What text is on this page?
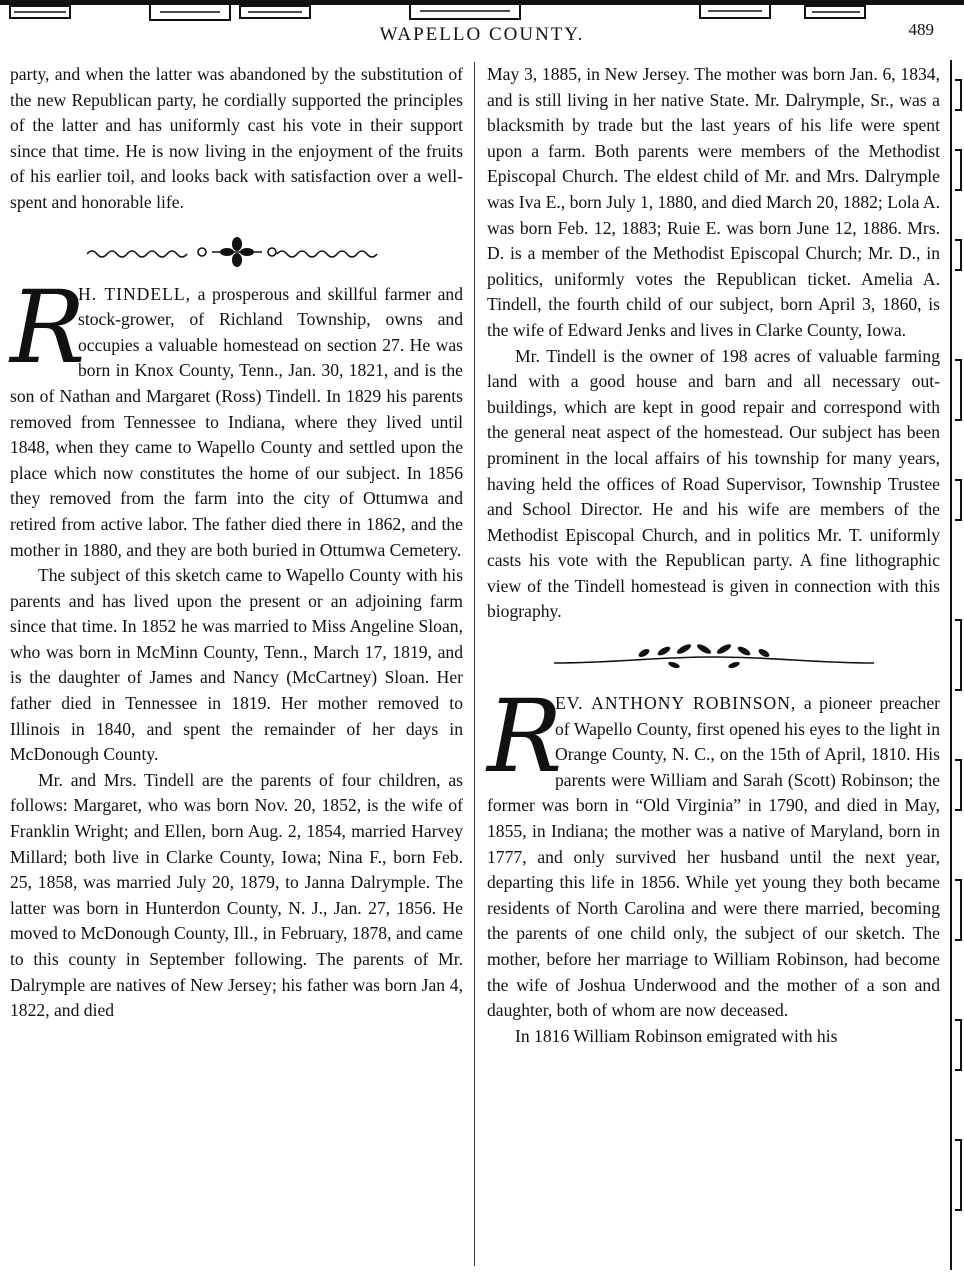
WAPELLO COUNTY.	489

party, and when the latter was abandoned by the substitution of the new Republican party, he cordially supported the principles of the latter and has uniformly cast his vote in their support since that time. He is now living in the enjoyment of the fruits of his earlier toil, and looks back with satisfaction over a well-spent and honorable life.

R
H. TINDELL, a prosperous and skillful farmer and stock-grower, of Richland Township, owns and occupies a valuable homestead on section 27. He was born in Knox County, Tenn., Jan. 30, 1821, and is the son of Nathan and Margaret (Ross) Tindell. In 1829 his parents removed from Tennessee to Indiana, where they lived until 1848, when they came to Wapello County and settled upon the place which now constitutes the home of our subject. In 1856 they removed from the farm into the city of Ottumwa and retired from active labor. The father died there in 1862, and the mother in 1880, and they are both buried in Ottumwa Cemetery.

The subject of this sketch came to Wapello County with his parents and has lived upon the present or an adjoining farm since that time. In 1852 he was married to Miss Angeline Sloan, who was born in McMinn County, Tenn., March 17, 1819, and is the daughter of James and Nancy (McCartney) Sloan. Her father died in Tennessee in 1819. Her mother removed to Illinois in 1840, and spent the remainder of her days in McDonough County.

Mr. and Mrs. Tindell are the parents of four children, as follows: Margaret, who was born Nov. 20, 1852, is the wife of Franklin Wright; and Ellen, born Aug. 2, 1854, married Harvey Millard; both live in Clarke County, Iowa; Nina F., born Feb. 25, 1858, was married July 20, 1879, to Janna Dalrymple. The latter was born in Hunterdon County, N. J., Jan. 27, 1856. He moved to McDonough County, Ill., in February, 1878, and came to this county in September following. The parents of Mr. Dalrymple are natives of New Jersey; his father was born Jan 4, 1822, and died

May 3, 1885, in New Jersey. The mother was born Jan. 6, 1834, and is still living in her native State. Mr. Dalrymple, Sr., was a blacksmith by trade but the last years of his life were spent upon a farm. Both parents were members of the Methodist Episcopal Church. The eldest child of Mr. and Mrs. Dalrymple was Iva E., born July 1, 1880, and died March 20, 1882; Lola A. was born Feb. 12, 1883; Ruie E. was born June 12, 1886. Mrs. D. is a member of the Methodist Episcopal Church; Mr. D., in politics, uniformly votes the Republican ticket. Amelia A. Tindell, the fourth child of our subject, born April 3, 1860, is the wife of Edward Jenks and lives in Clarke County, Iowa.

Mr. Tindell is the owner of 198 acres of valuable farming land with a good house and barn and all necessary out-buildings, which are kept in good repair and correspond with the general neat aspect of the homestead. Our subject has been prominent in the local affairs of his township for many years, having held the offices of Road Supervisor, Township Trustee and School Director. He and his wife are members of the Methodist Episcopal Church, and in politics Mr. T. uniformly casts his vote with the Republican party. A fine lithographic view of the Tindell homestead is given in connection with this biography.

R
EV. ANTHONY ROBINSON, a pioneer preacher of Wapello County, first opened his eyes to the light in Orange County, N. C., on the 15th of April, 1810. His parents were William and Sarah (Scott) Robinson; the former was born in “Old Virginia” in 1790, and died in May, 1855, in Indiana; the mother was a native of Maryland, born in 1777, and only survived her husband until the next year, departing this life in 1856. While yet young they both became residents of North Carolina and were there married, becoming the parents of one child only, the subject of our sketch. The mother, before her marriage to William Robinson, had become the wife of Joshua Underwood and the mother of a son and daughter, both of whom are now deceased.

In 1816 William Robinson emigrated with his
